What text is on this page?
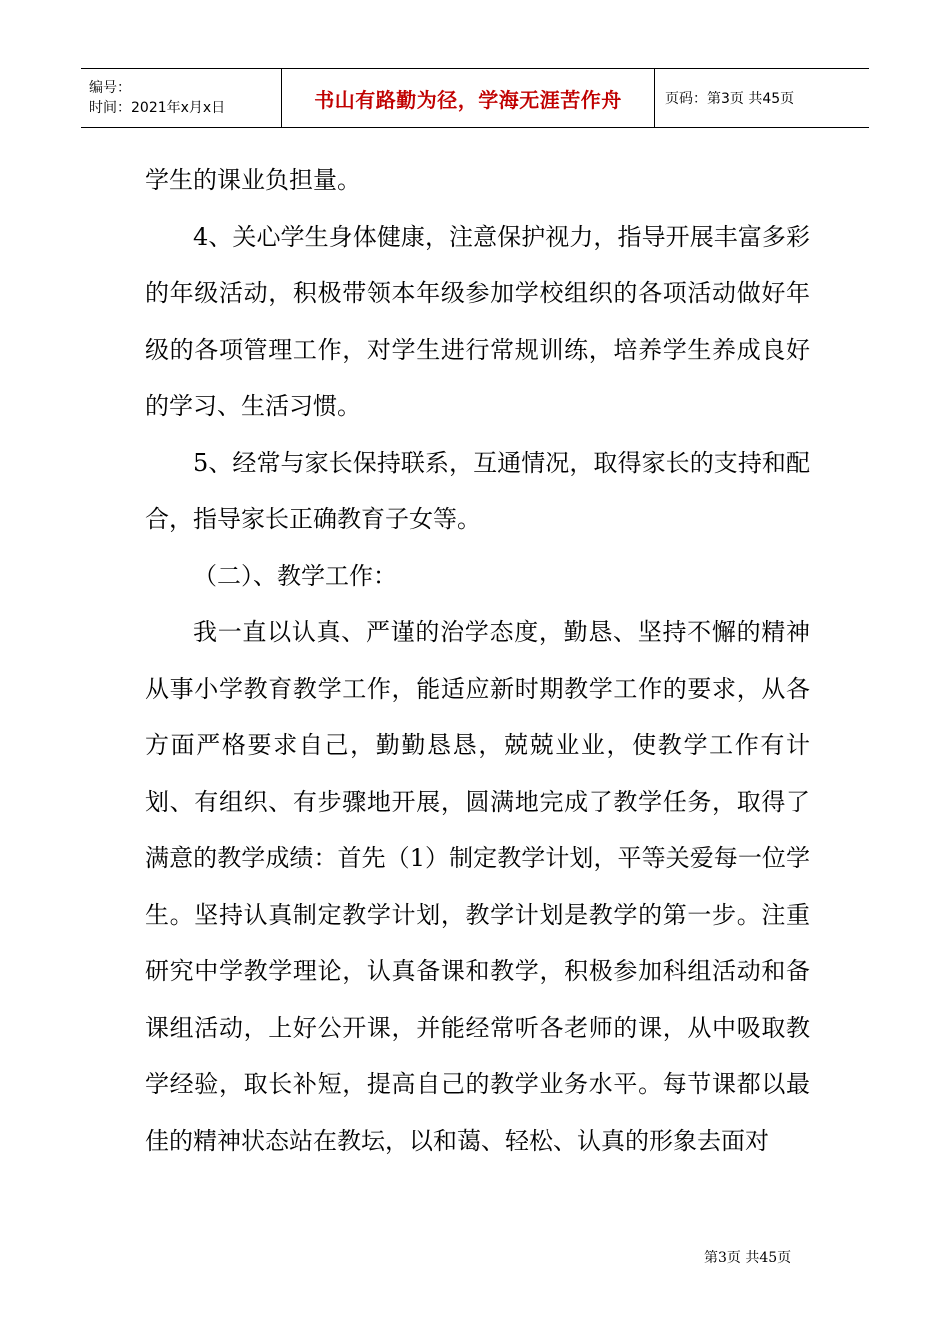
编号：
时间：2021年x月x日	书山有路勤为径，学海无涯苦作舟	页码：第3页 共45页

学生的课业负担量。

4、关心学生身体健康，注意保护视力，指导开展丰富多彩的年级活动，积极带领本年级参加学校组织的各项活动做好年级的各项管理工作，对学生进行常规训练，培养学生养成良好的学习、生活习惯。

5、经常与家长保持联系，互通情况，取得家长的支持和配合，指导家长正确教育子女等。

（二）、教学工作：

我一直以认真、严谨的治学态度，勤恳、坚持不懈的精神从事小学教育教学工作，能适应新时期教学工作的要求，从各方面严格要求自己，勤勤恳恳，兢兢业业，使教学工作有计划、有组织、有步骤地开展，圆满地完成了教学任务，取得了满意的教学成绩：首先（1）制定教学计划，平等关爱每一位学生。坚持认真制定教学计划，教学计划是教学的第一步。注重研究中学教学理论，认真备课和教学，积极参加科组活动和备课组活动，上好公开课，并能经常听各老师的课，从中吸取教学经验，取长补短，提高自己的教学业务水平。每节课都以最佳的精神状态站在教坛，以和蔼、轻松、认真的形象去面对

第3页 共45页
